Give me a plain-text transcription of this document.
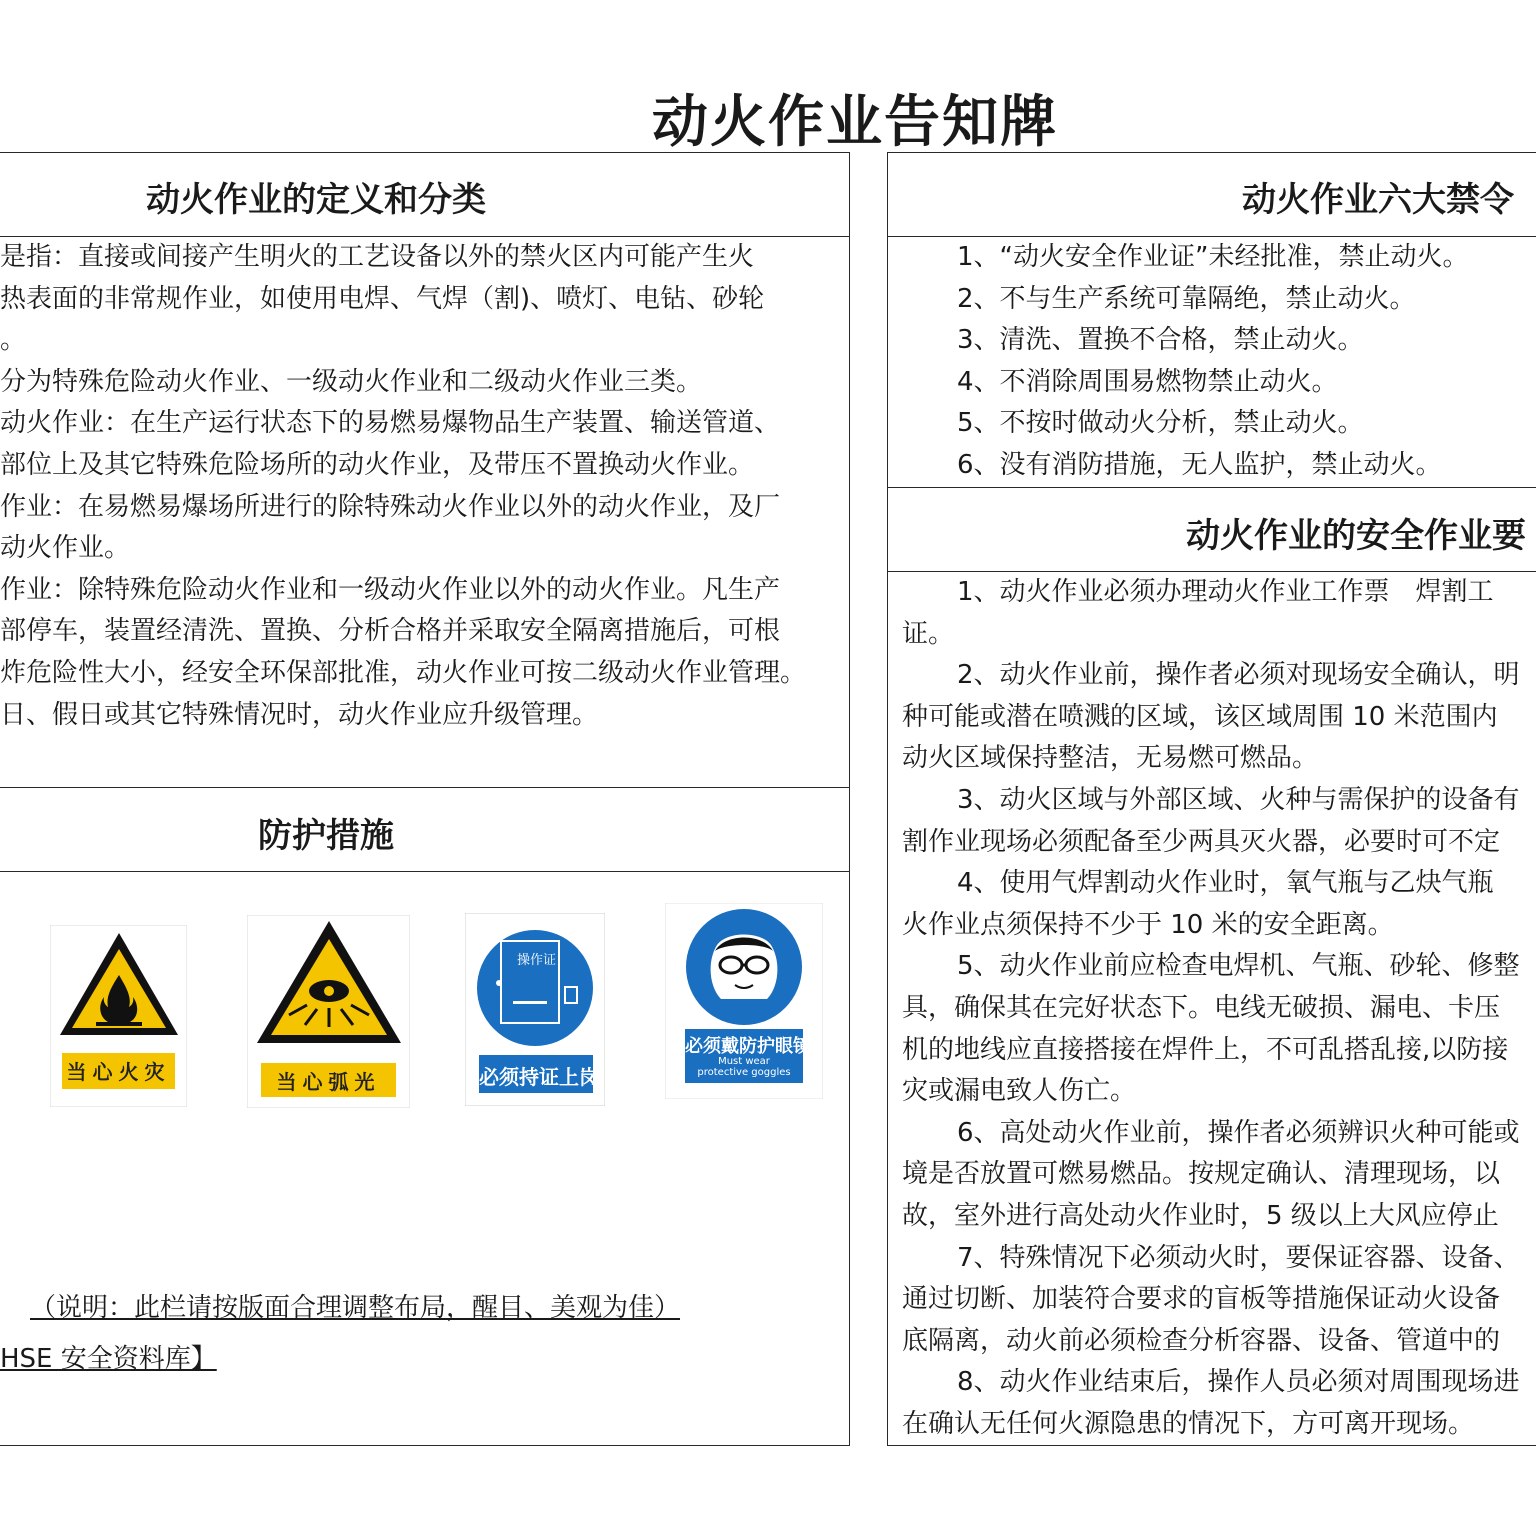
动火作业告知牌
动火作业的定义和分类
是指：直接或间接产生明火的工艺设备以外的禁火区内可能产生火
热表面的非常规作业，如使用电焊、气焊（割)、喷灯、电钻、砂轮
。
分为特殊危险动火作业、一级动火作业和二级动火作业三类。
动火作业：在生产运行状态下的易燃易爆物品生产装置、输送管道、
部位上及其它特殊危险场所的动火作业，及带压不置换动火作业。
作业：在易燃易爆场所进行的除特殊动火作业以外的动火作业，及厂
动火作业。
作业：除特殊危险动火作业和一级动火作业以外的动火作业。凡生产
部停车，装置经清洗、置换、分析合格并采取安全隔离措施后，可根
炸危险性大小，经安全环保部批准，动火作业可按二级动火作业管理。
日、假日或其它特殊情况时，动火作业应升级管理。
防护措施
当心火灾	当心弧光
操作证
必须持证上岗
必须戴防护眼镜
Must wear
protective goggles
（说明：此栏请按版面合理调整布局，醒目、美观为佳）
HSE 安全资料库】
动火作业六大禁令
1、“动火安全作业证”未经批准，禁止动火。
2、不与生产系统可靠隔绝，禁止动火。
3、清洗、置换不合格，禁止动火。
4、不消除周围易燃物禁止动火。
5、不按时做动火分析，禁止动火。
6、没有消防措施，无人监护，禁止动火。
动火作业的安全作业要
1、动火作业必须办理动火作业工作票　焊割工
证。
2、动火作业前，操作者必须对现场安全确认，明
种可能或潜在喷溅的区域，该区域周围 10 米范围内
动火区域保持整洁，无易燃可燃品。
3、动火区域与外部区域、火种与需保护的设备有
割作业现场必须配备至少两具灭火器，必要时可不定
4、使用气焊割动火作业时，氧气瓶与乙炔气瓶
火作业点须保持不少于 10 米的安全距离。
5、动火作业前应检查电焊机、气瓶、砂轮、修整
具，确保其在完好状态下。电线无破损、漏电、卡压
机的地线应直接搭接在焊件上，不可乱搭乱接,以防接
灾或漏电致人伤亡。
6、高处动火作业前，操作者必须辨识火种可能或
境是否放置可燃易燃品。按规定确认、清理现场，以
故，室外进行高处动火作业时，5 级以上大风应停止
7、特殊情况下必须动火时，要保证容器、设备、
通过切断、加装符合要求的盲板等措施保证动火设备
底隔离，动火前必须检查分析容器、设备、管道中的
8、动火作业结束后，操作人员必须对周围现场进
在确认无任何火源隐患的情况下，方可离开现场。
